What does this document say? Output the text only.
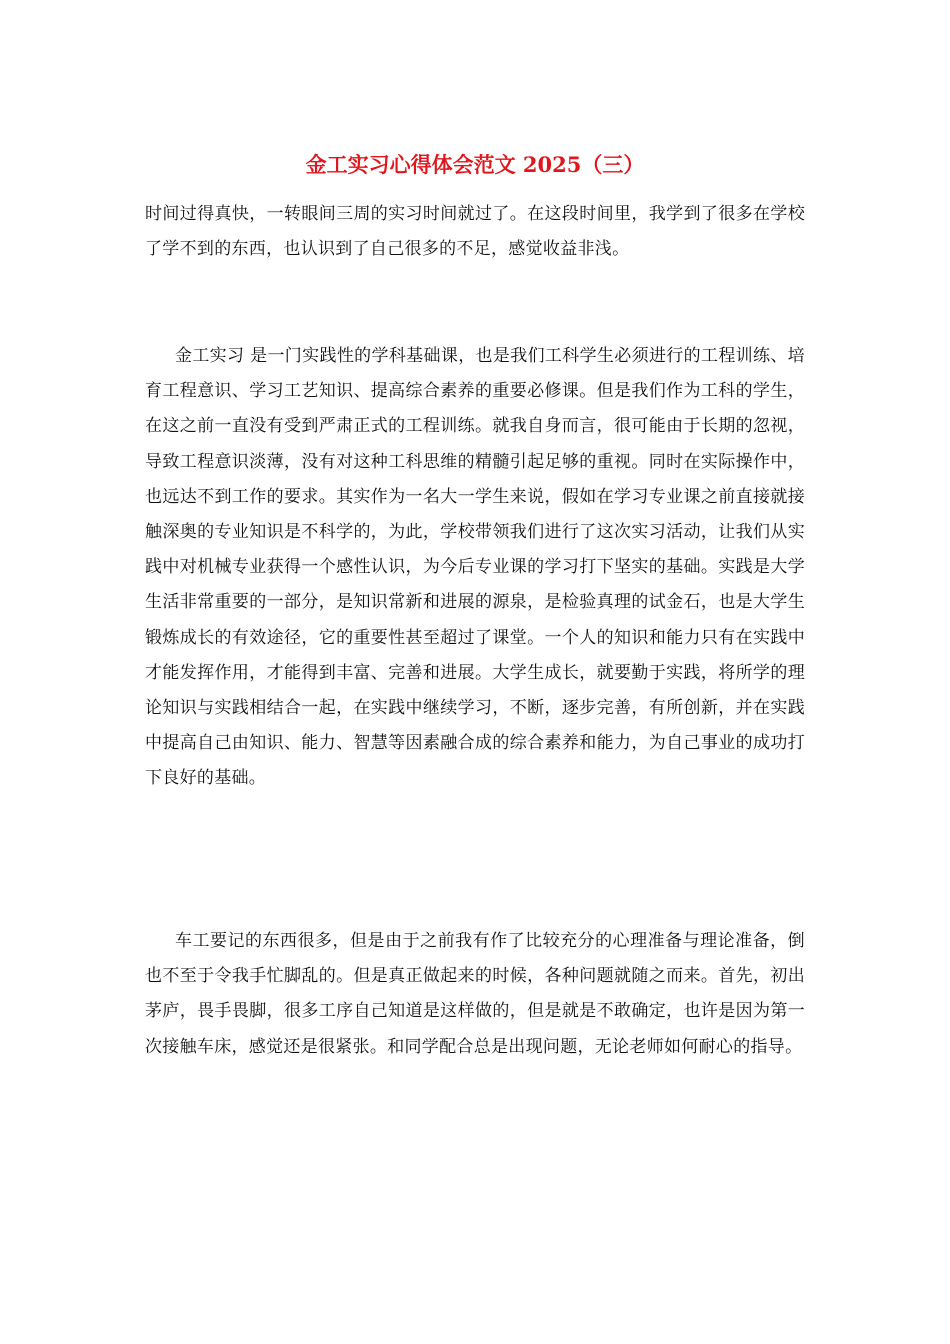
金工实习心得体会范文 2025（三）

时间过得真快，一转眼间三周的实习时间就过了。在这段时间里，我学到了很多在学校了学不到的东西，也认识到了自己很多的不足，感觉收益非浅。

金工实习 是一门实践性的学科基础课，也是我们工科学生必须进行的工程训练、培育工程意识、学习工艺知识、提高综合素养的重要必修课。但是我们作为工科的学生，在这之前一直没有受到严肃正式的工程训练。就我自身而言，很可能由于长期的忽视，导致工程意识淡薄，没有对这种工科思维的精髓引起足够的重视。同时在实际操作中，也远达不到工作的要求。其实作为一名大一学生来说，假如在学习专业课之前直接就接触深奥的专业知识是不科学的，为此，学校带领我们进行了这次实习活动，让我们从实践中对机械专业获得一个感性认识，为今后专业课的学习打下坚实的基础。实践是大学生活非常重要的一部分，是知识常新和进展的源泉，是检验真理的试金石，也是大学生锻炼成长的有效途径，它的重要性甚至超过了课堂。一个人的知识和能力只有在实践中才能发挥作用，才能得到丰富、完善和进展。大学生成长，就要勤于实践，将所学的理论知识与实践相结合一起，在实践中继续学习，不断，逐步完善，有所创新，并在实践中提高自己由知识、能力、智慧等因素融合成的综合素养和能力，为自己事业的成功打下良好的基础。

车工要记的东西很多，但是由于之前我有作了比较充分的心理准备与理论准备，倒也不至于令我手忙脚乱的。但是真正做起来的时候，各种问题就随之而来。首先，初出茅庐，畏手畏脚，很多工序自己知道是这样做的，但是就是不敢确定，也许是因为第一次接触车床，感觉还是很紧张。和同学配合总是出现问题，无论老师如何耐心的指导。
